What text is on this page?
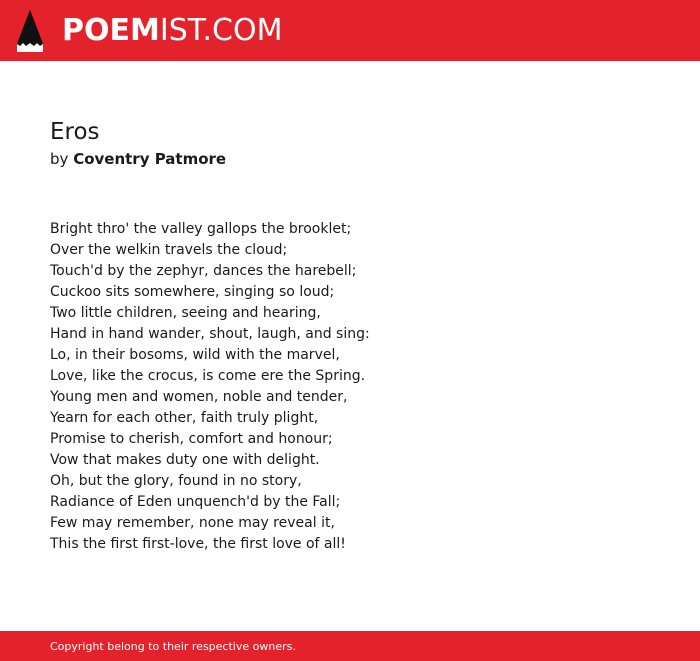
POEMIST.COM
Eros
by Coventry Patmore
Bright thro' the valley gallops the brooklet;
Over the welkin travels the cloud;
Touch'd by the zephyr, dances the harebell;
Cuckoo sits somewhere, singing so loud;
Two little children, seeing and hearing,
Hand in hand wander, shout, laugh, and sing:
Lo, in their bosoms, wild with the marvel,
Love, like the crocus, is come ere the Spring.
Young men and women, noble and tender,
Yearn for each other, faith truly plight,
Promise to cherish, comfort and honour;
Vow that makes duty one with delight.
Oh, but the glory, found in no story,
Radiance of Eden unquench'd by the Fall;
Few may remember, none may reveal it,
This the first first-love, the first love of all!
Copyright belong to their respective owners.
